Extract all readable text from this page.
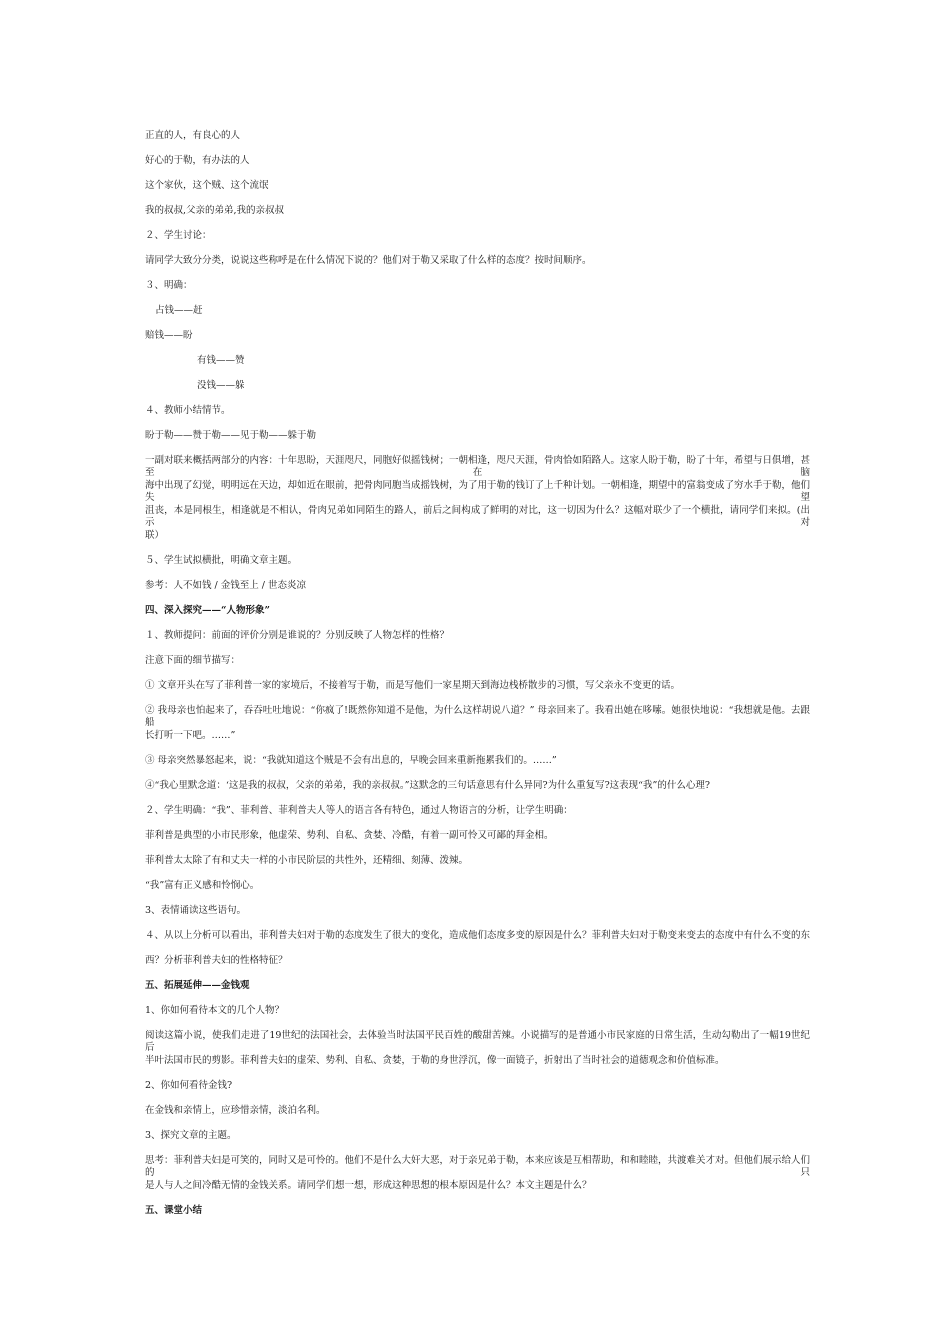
正直的人，有良心的人
好心的于勒，有办法的人
这个家伙，这个贼、这个流氓
我的叔叔,父亲的弟弟,我的亲叔叔
２、学生讨论：
请同学大致分分类，说说这些称呼是在什么情况下说的？他们对于勒又采取了什么样的态度？按时间顺序。
３、明确：
占钱——赶
赔钱——盼
有钱——赞
没钱——躲
４、教师小结情节。
盼于勒——赞于勒——见于勒——躲于勒
一副对联来概括两部分的内容：十年思盼，天涯咫尺，同胞好似摇钱树；一朝相逢，咫尺天涯，骨肉恰如陌路人。这家人盼于勒，盼了十年，希望与日俱增，甚至在脑
海中出现了幻觉，明明远在天边，却如近在眼前，把骨肉同胞当成摇钱树，为了用于勒的钱订了上千种计划。一朝相逢，期望中的富翁变成了穷水手于勒，他们失望
沮丧，本是同根生，相逢就是不相认，骨肉兄弟如同陌生的路人，前后之间构成了鲜明的对比，这一切因为什么？这幅对联少了一个横批，请同学们来拟。(出示对
联）
５、学生试拟横批，明确文章主题。
参考：人不如钱 / 金钱至上 / 世态炎凉
四、深入探究——“人物形象”
１、教师提问：前面的评价分别是谁说的？分别反映了人物怎样的性格？
注意下面的细节描写：
① 文章开头在写了菲利普一家的家境后，不接着写于勒，而是写他们一家星期天到海边栈桥散步的习惯，写父亲永不变更的话。
② 我母亲也怕起来了，吞吞吐吐地说：“你疯了!既然你知道不是他，为什么这样胡说八道？” 母亲回来了。我看出她在哆嗦。她很快地说：“我想就是他。去跟船
长打听一下吧。……”
③ 母亲突然暴怒起来，说：“我就知道这个贼是不会有出息的，早晚会回来重新拖累我们的。……”
④“我心里默念道：‘这是我的叔叔，父亲的弟弟，我的亲叔叔。”这默念的三句话意思有什么异同?为什么重复写?这表现“我”的什么心理?
２、学生明确：“我”、菲利普、菲利普夫人等人的语言各有特色，通过人物语言的分析，让学生明确：
菲利普是典型的小市民形象，他虚荣、势利、自私、贪婪、冷酷，有着一副可怜又可鄙的拜金相。
菲利普太太除了有和丈夫一样的小市民阶层的共性外，还精细、刻薄、泼辣。
“我”富有正义感和怜悯心。
3、表情诵读这些语句。
４、从以上分析可以看出，菲利普夫妇对于勒的态度发生了很大的变化，造成他们态度多变的原因是什么？菲利普夫妇对于勒变来变去的态度中有什么不变的东
西？分析菲利普夫妇的性格特征？
五、拓展延伸——金钱观
1、你如何看待本文的几个人物？
阅读这篇小说，使我们走进了19世纪的法国社会，去体验当时法国平民百姓的酸甜苦辣。小说描写的是普通小市民家庭的日常生活，生动勾勒出了一幅19世纪后
半叶法国市民的剪影。菲利普夫妇的虚荣、势利、自私、贪婪，于勒的身世浮沉，像一面镜子，折射出了当时社会的道德观念和价值标准。
2、你如何看待金钱?
在金钱和亲情上，应珍惜亲情，淡泊名利。
3、探究文章的主题。
思考：菲利普夫妇是可笑的，同时又是可怜的。他们不是什么大奸大恶，对于亲兄弟于勒，本来应该是互相帮助，和和睦睦，共渡难关才对。但他们展示给人们的只
是人与人之间冷酷无情的金钱关系。请同学们想一想，形成这种思想的根本原因是什么？本文主题是什么？
五、课堂小结
